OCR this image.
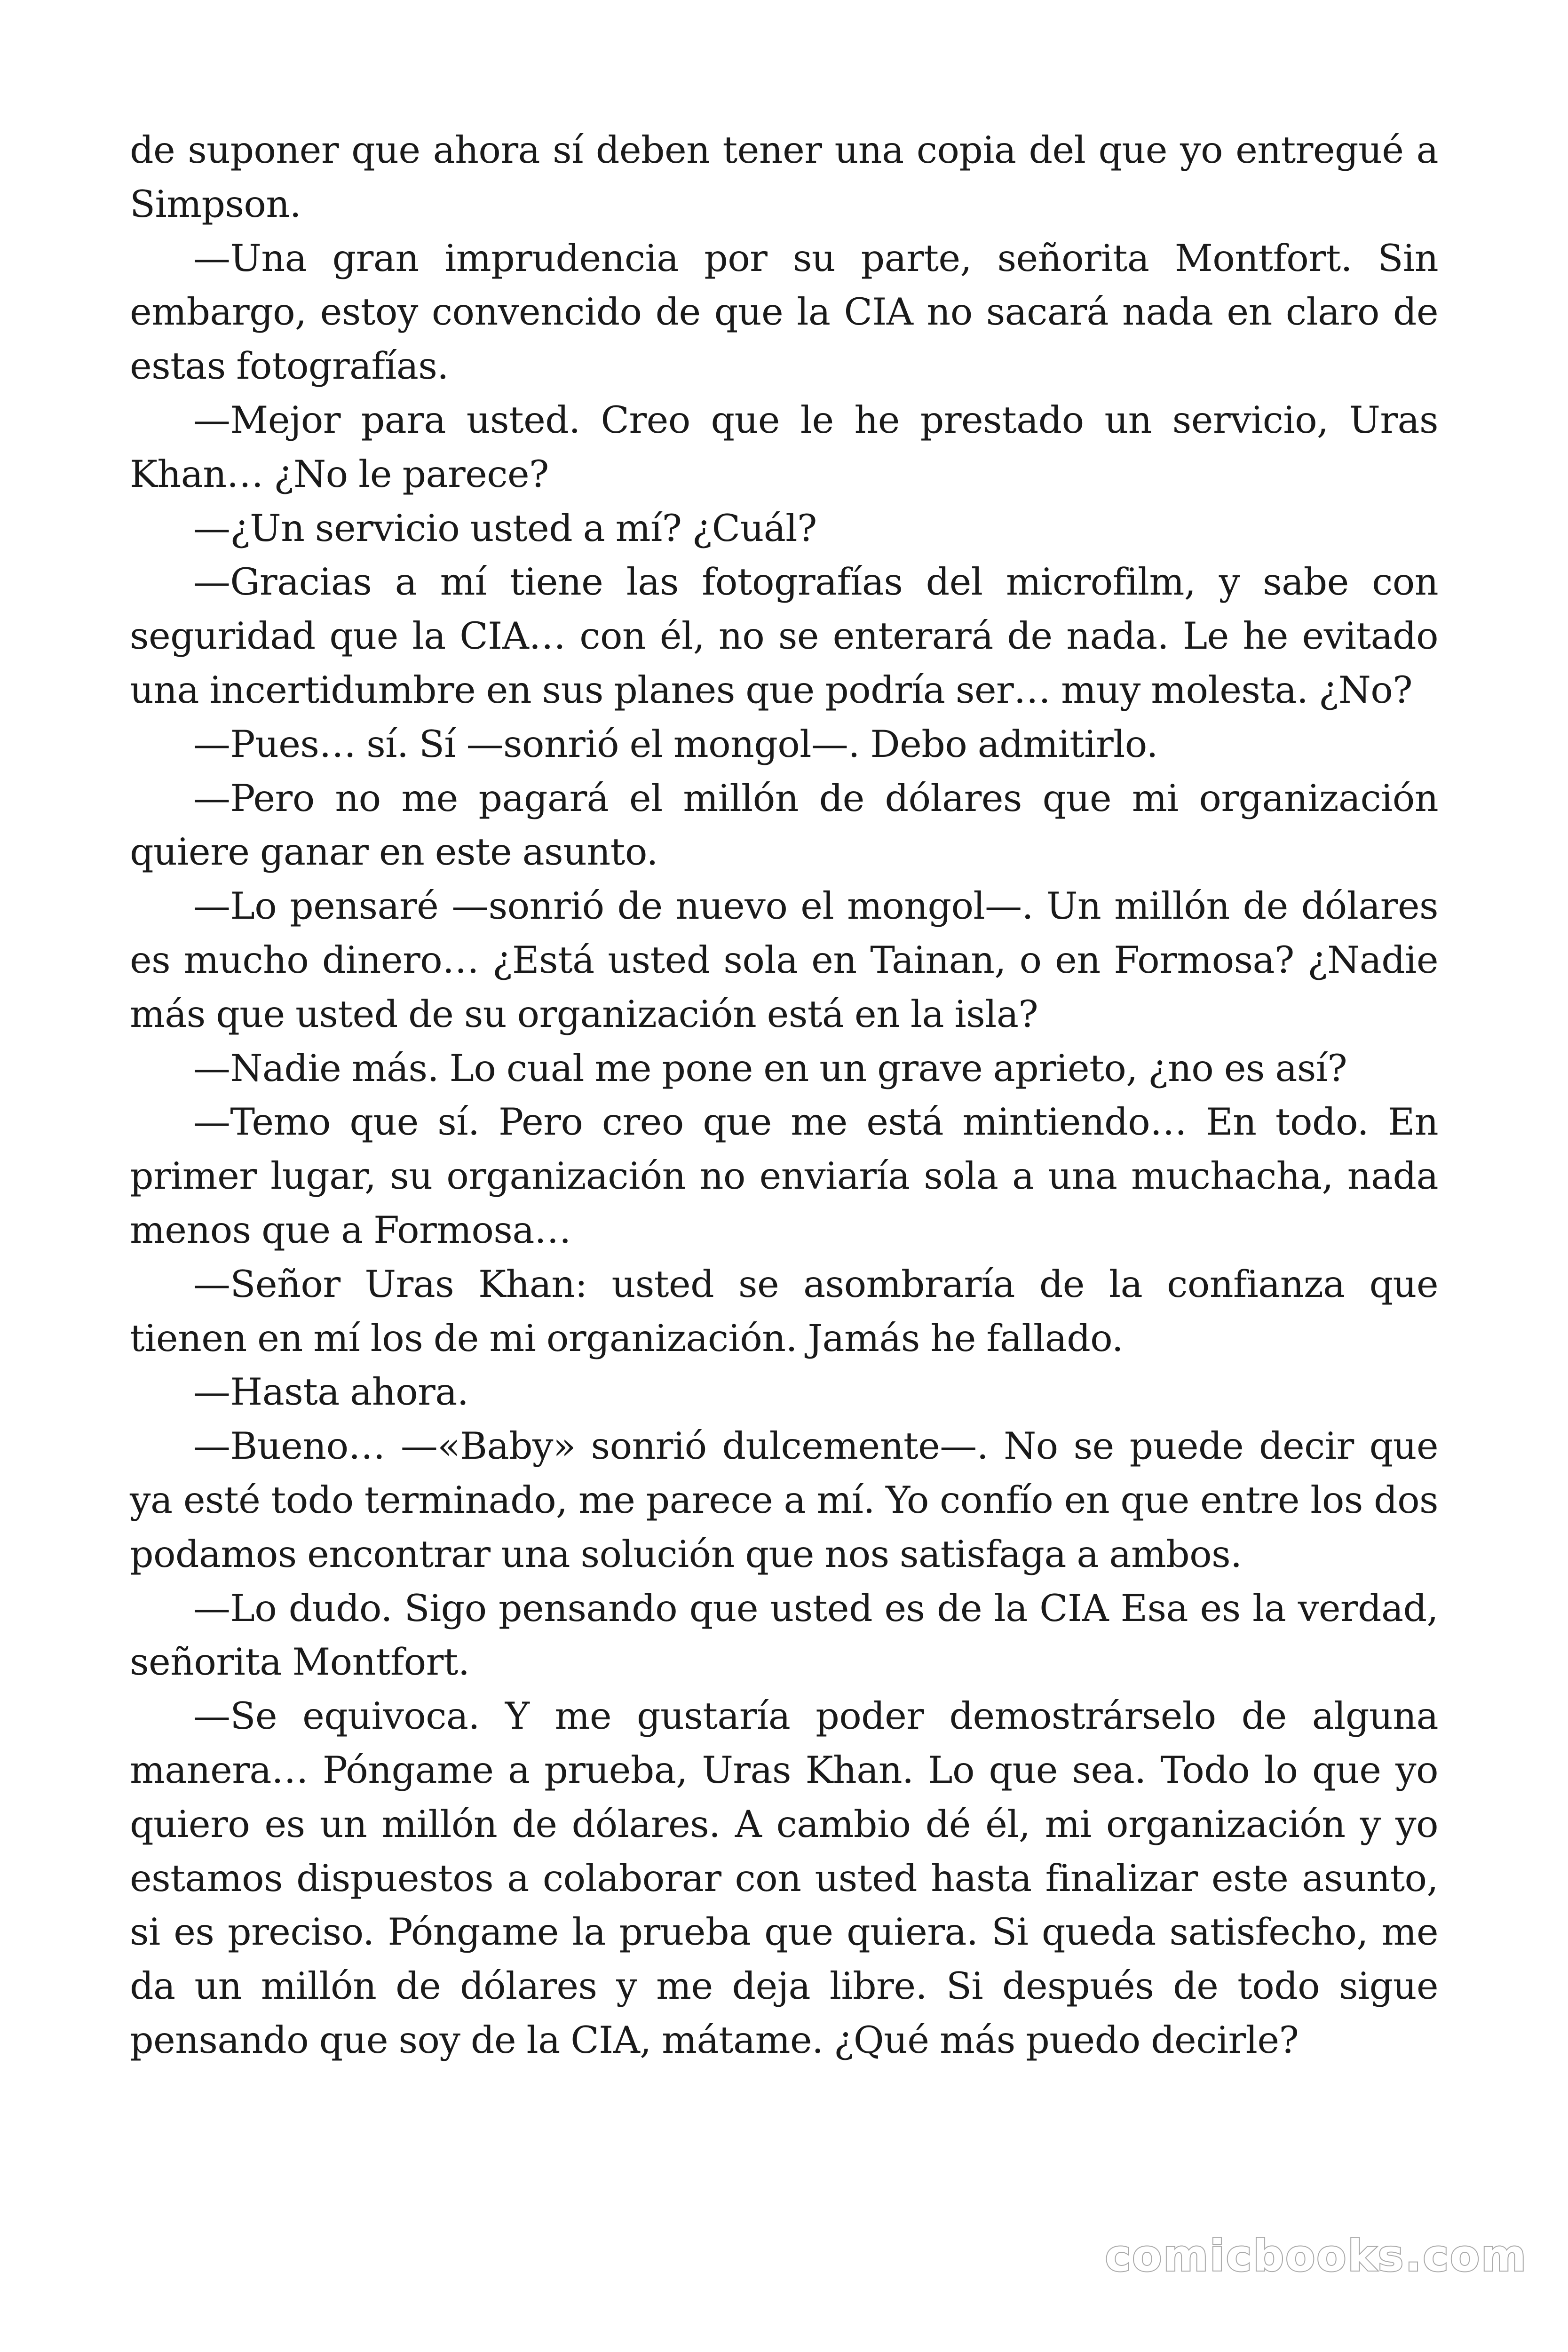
de suponer que ahora sí deben tener una copia del que yo entregué a Simpson.

—Una gran imprudencia por su parte, señorita Montfort. Sin embargo, estoy convencido de que la CIA no sacará nada en claro de estas fotografías.

—Mejor para usted. Creo que le he prestado un servicio, Uras Khan… ¿No le parece?

—¿Un servicio usted a mí? ¿Cuál?

—Gracias a mí tiene las fotografías del microfilm, y sabe con seguridad que la CIA… con él, no se enterará de nada. Le he evitado una incertidumbre en sus planes que podría ser… muy molesta. ¿No?

—Pues… sí. Sí —sonrió el mongol—. Debo admitirlo.

—Pero no me pagará el millón de dólares que mi organización quiere ganar en este asunto.

—Lo pensaré —sonrió de nuevo el mongol—. Un millón de dólares es mucho dinero… ¿Está usted sola en Tainan, o en Formosa? ¿Nadie más que usted de su organización está en la isla?

—Nadie más. Lo cual me pone en un grave aprieto, ¿no es así?

—Temo que sí. Pero creo que me está mintiendo… En todo. En primer lugar, su organización no enviaría sola a una muchacha, nada menos que a Formosa…

—Señor Uras Khan: usted se asombraría de la confianza que tienen en mí los de mi organización. Jamás he fallado.

—Hasta ahora.

—Bueno… —«Baby» sonrió dulcemente—. No se puede decir que ya esté todo terminado, me parece a mí. Yo confío en que entre los dos podamos encontrar una solución que nos satisfaga a ambos.

—Lo dudo. Sigo pensando que usted es de la CIA Esa es la verdad, señorita Montfort.

—Se equivoca. Y me gustaría poder demostrárselo de alguna manera… Póngame a prueba, Uras Khan. Lo que sea. Todo lo que yo quiero es un millón de dólares. A cambio dé él, mi organización y yo estamos dispuestos a colaborar con usted hasta finalizar este asunto, si es preciso. Póngame la prueba que quiera. Si queda satisfecho, me da un millón de dólares y me deja libre. Si después de todo sigue pensando que soy de la CIA, mátame. ¿Qué más puedo decirle?

comicbooks.com
